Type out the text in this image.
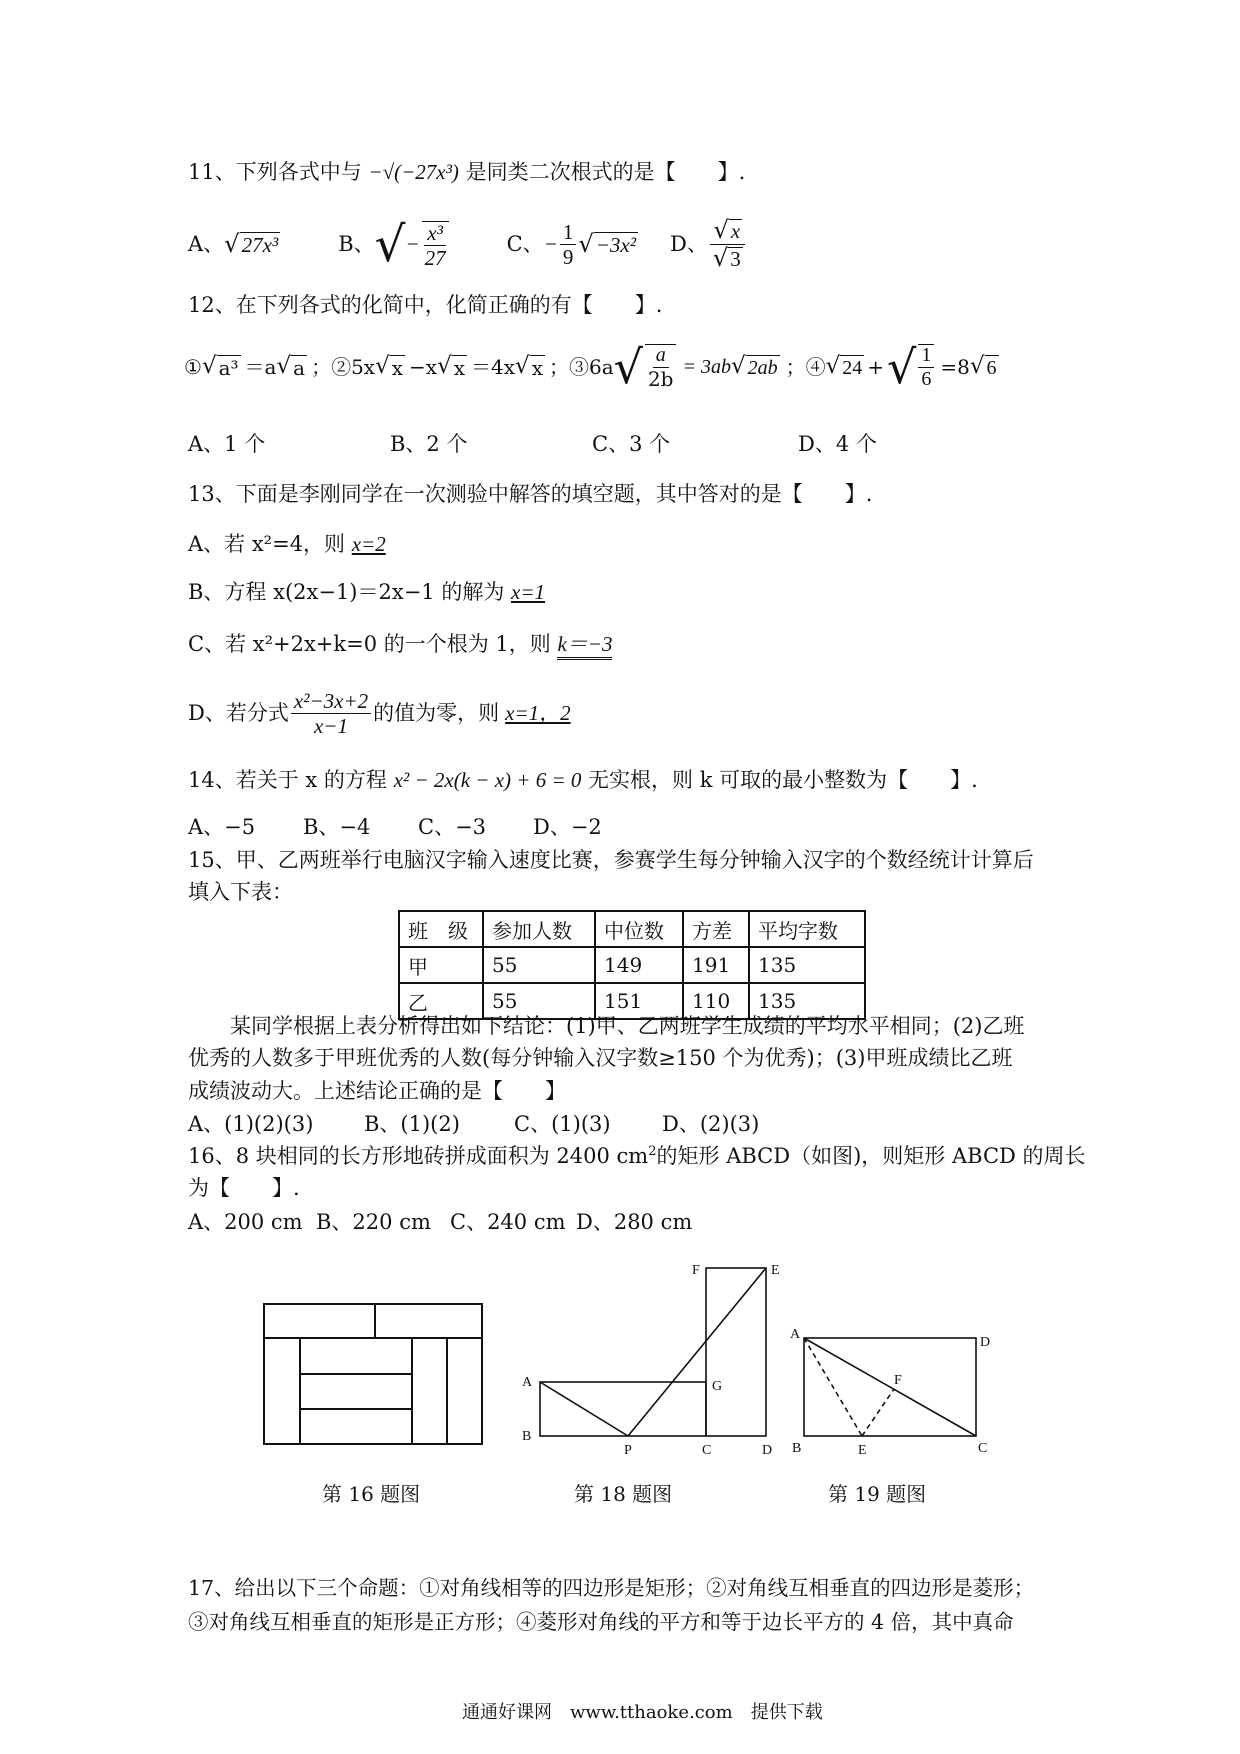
11、下列各式中与 −√(−27x³) 是同类二次根式的是【　　】.
A、 √ 27x³	B、 √ − $\frac{\text{x³}}{27}$	C、 − $\frac{1}{9}$ √ −3x² D、 $\frac{√x}{√3}$
12、在下列各式的化简中，化简正确的有【　　】.
① √ a³ ＝a √ a ；②5x √ x −x √ x ＝4x √ x ；③6a √ $\frac{a}{2b} = 3ab$ √ 2ab ；④ √ 24 + √ $\frac{1}{6} =8$ √ 6
A、1 个	B、2 个	C、3 个	D、4 个
13、下面是李刚同学在一次测验中解答的填空题，其中答对的是【　　】.
A、若 x²=4，则 x=2
B、方程 x(2x−1)＝2x−1 的解为 x=1
C、若 x²+2x+k=0 的一个根为 1，则 k＝−3
D、若分式 $\frac{\text{x²−3x+2}}{x-1}$ 的值为零，则 x=1，2
14、若关于 x 的方程 x² − 2x(k − x) + 6 = 0 无实根，则 k 可取的最小整数为【　　】.
A、−5 B、−4 C、−3 D、−2
15、甲、乙两班举行电脑汉字输入速度比赛，参赛学生每分钟输入汉字的个数经统计计算后
填入下表：
班　级	参加人数	中位数	方差	平均字数
甲	55	149	191	135
乙	55	151	110	135
某同学根据上表分析得出如下结论：(1)甲、乙两班学生成绩的平均水平相同；(2)乙班
优秀的人数多于甲班优秀的人数(每分钟输入汉字数≥150 个为优秀)；(3)甲班成绩比乙班
成绩波动大。上述结论正确的是【　　】
A、(1)(2)(3) B、(1)(2)	C、(1)(3) D、(2)(3)
16、8 块相同的长方形地砖拼成面积为 2400 $cm^2$的矩形 ABCD（如图)，则矩形 ABCD 的周长
为【　　】.
A、200 cm B、220 cm C、240 cm D、280 cm
F	E
A	G
B
P	C	D
A
D
F
B	E	C
第 16 题图	第 18 题图	第 19 题图
17、给出以下三个命题：①对角线相等的四边形是矩形；②对角线互相垂直的四边形是菱形；
③对角线互相垂直的矩形是正方形；④菱形对角线的平方和等于边长平方的 4 倍，其中真命
通通好课网　www.tthaoke.com　提供下载
